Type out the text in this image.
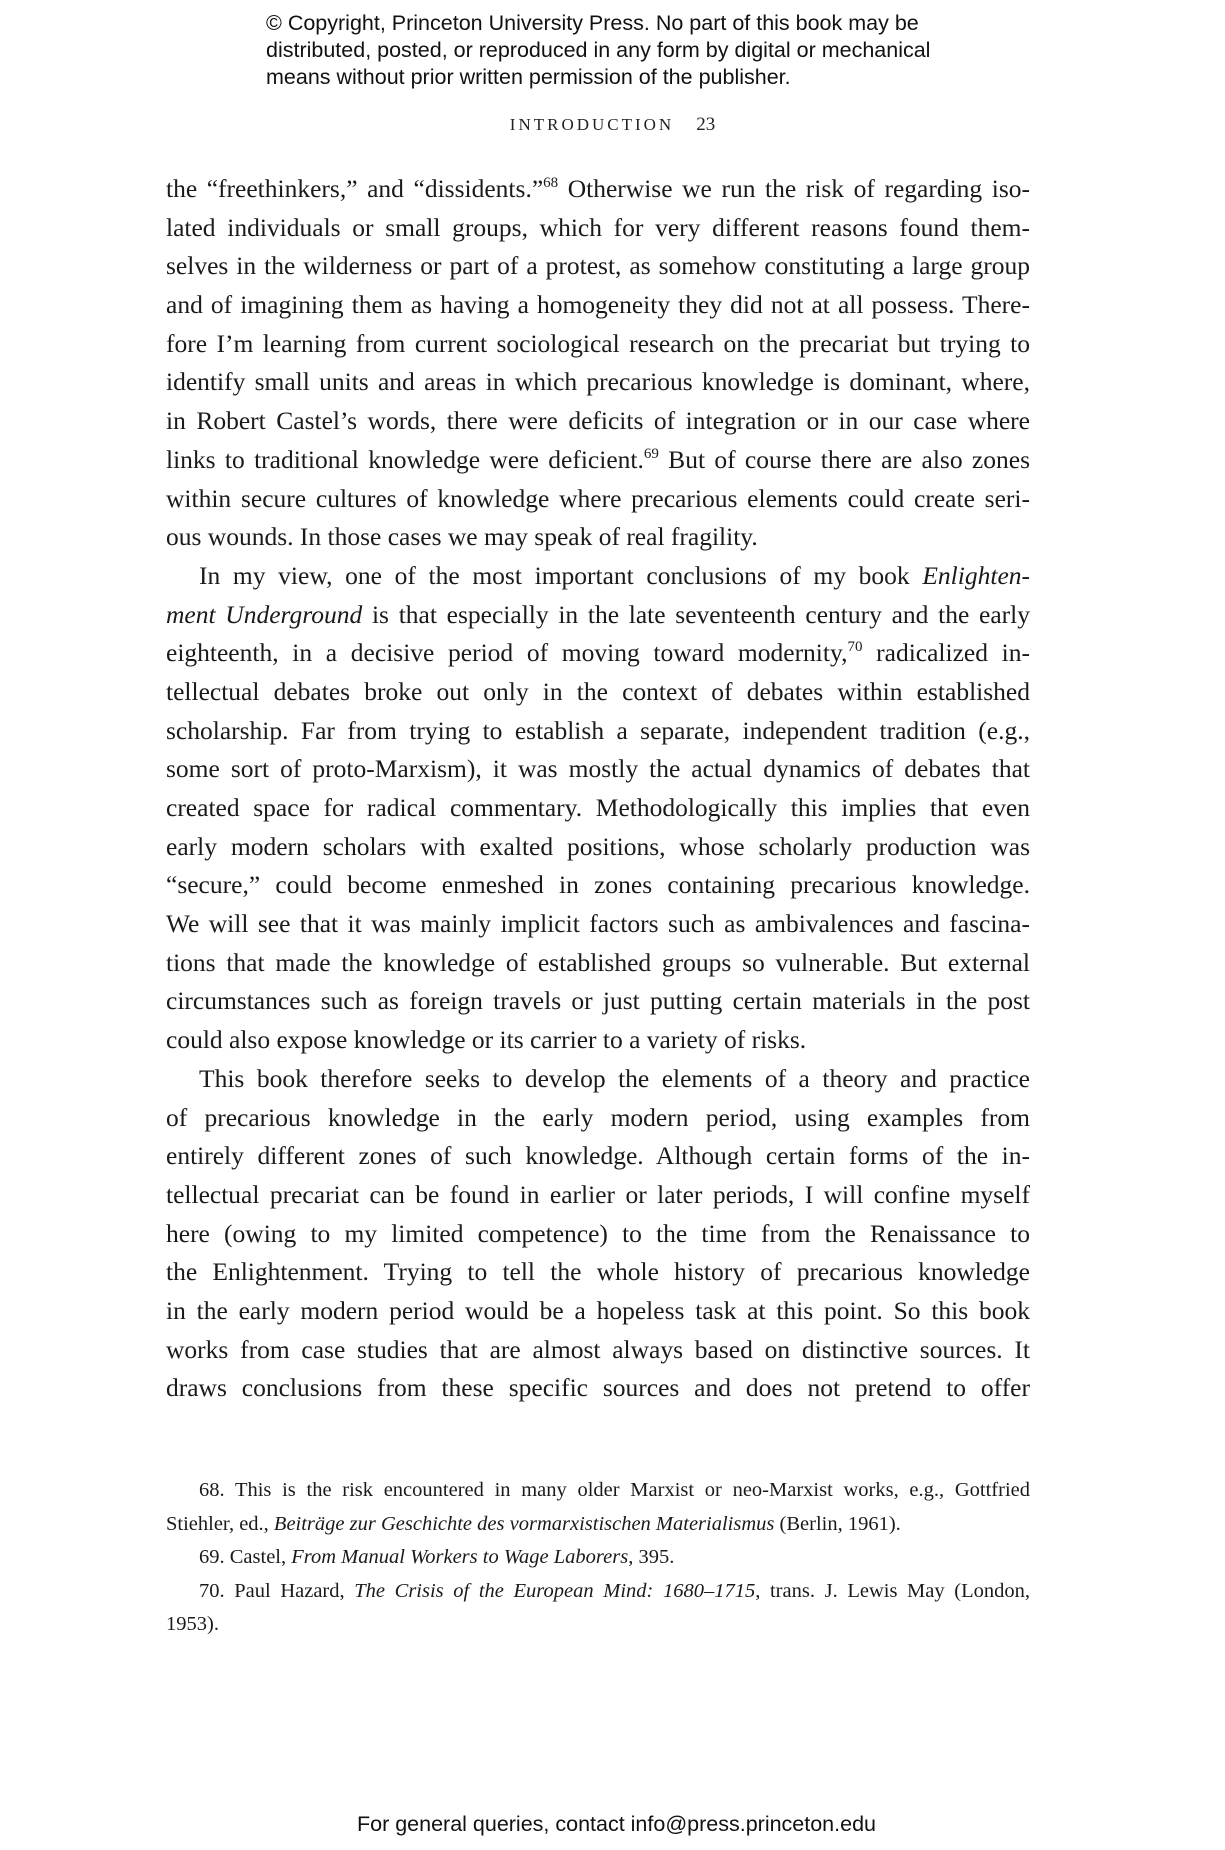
© Copyright, Princeton University Press. No part of this book may be
distributed, posted, or reproduced in any form by digital or mechanical
means without prior written permission of the publisher.
INTRODUCTION 23
the “freethinkers,” and “dissidents.”$^{68}$ Otherwise we run the risk of regarding iso-
lated individuals or small groups, which for very different reasons found them-
selves in the wilderness or part of a protest, as somehow constituting a large group
and of imagining them as having a homogeneity they did not at all possess. There-
fore I’m learning from current sociological research on the precariat but trying to
identify small units and areas in which precarious knowledge is dominant, where,
in Robert Castel’s words, there were deficits of integration or in our case where
links to traditional knowledge were deficient.$^{69}$ But of course there are also zones
within secure cultures of knowledge where precarious elements could create seri-
ous wounds. In those cases we may speak of real fragility.
In my view, one of the most important conclusions of my book Enlighten-
ment Underground is that especially in the late seventeenth century and the early
eighteenth, in a decisive period of moving toward modernity,$^{70}$ radicalized in-
tellectual debates broke out only in the context of debates within established
scholarship. Far from trying to establish a separate, independent tradition (e.g.,
some sort of proto-Marxism), it was mostly the actual dynamics of debates that
created space for radical commentary. Methodologically this implies that even
early modern scholars with exalted positions, whose scholarly production was
“secure,” could become enmeshed in zones containing precarious knowledge.
We will see that it was mainly implicit factors such as ambivalences and fascina-
tions that made the knowledge of established groups so vulnerable. But external
circumstances such as foreign travels or just putting certain materials in the post
could also expose knowledge or its carrier to a variety of risks.
This book therefore seeks to develop the elements of a theory and practice
of precarious knowledge in the early modern period, using examples from
entirely different zones of such knowledge. Although certain forms of the in-
tellectual precariat can be found in earlier or later periods, I will confine myself
here (owing to my limited competence) to the time from the Renaissance to
the Enlightenment. Trying to tell the whole history of precarious knowledge
in the early modern period would be a hopeless task at this point. So this book
works from case studies that are almost always based on distinctive sources. It
draws conclusions from these specific sources and does not pretend to offer
68. This is the risk encountered in many older Marxist or neo-Marxist works, e.g., Gottfried
Stiehler, ed., Beiträge zur Geschichte des vormarxistischen Materialismus (Berlin, 1961).
69. Castel, From Manual Workers to Wage Laborers, 395.
70. Paul Hazard, The Crisis of the European Mind: 1680–1715, trans. J. Lewis May (London,
1953).
For general queries, contact info@press.princeton.edu
